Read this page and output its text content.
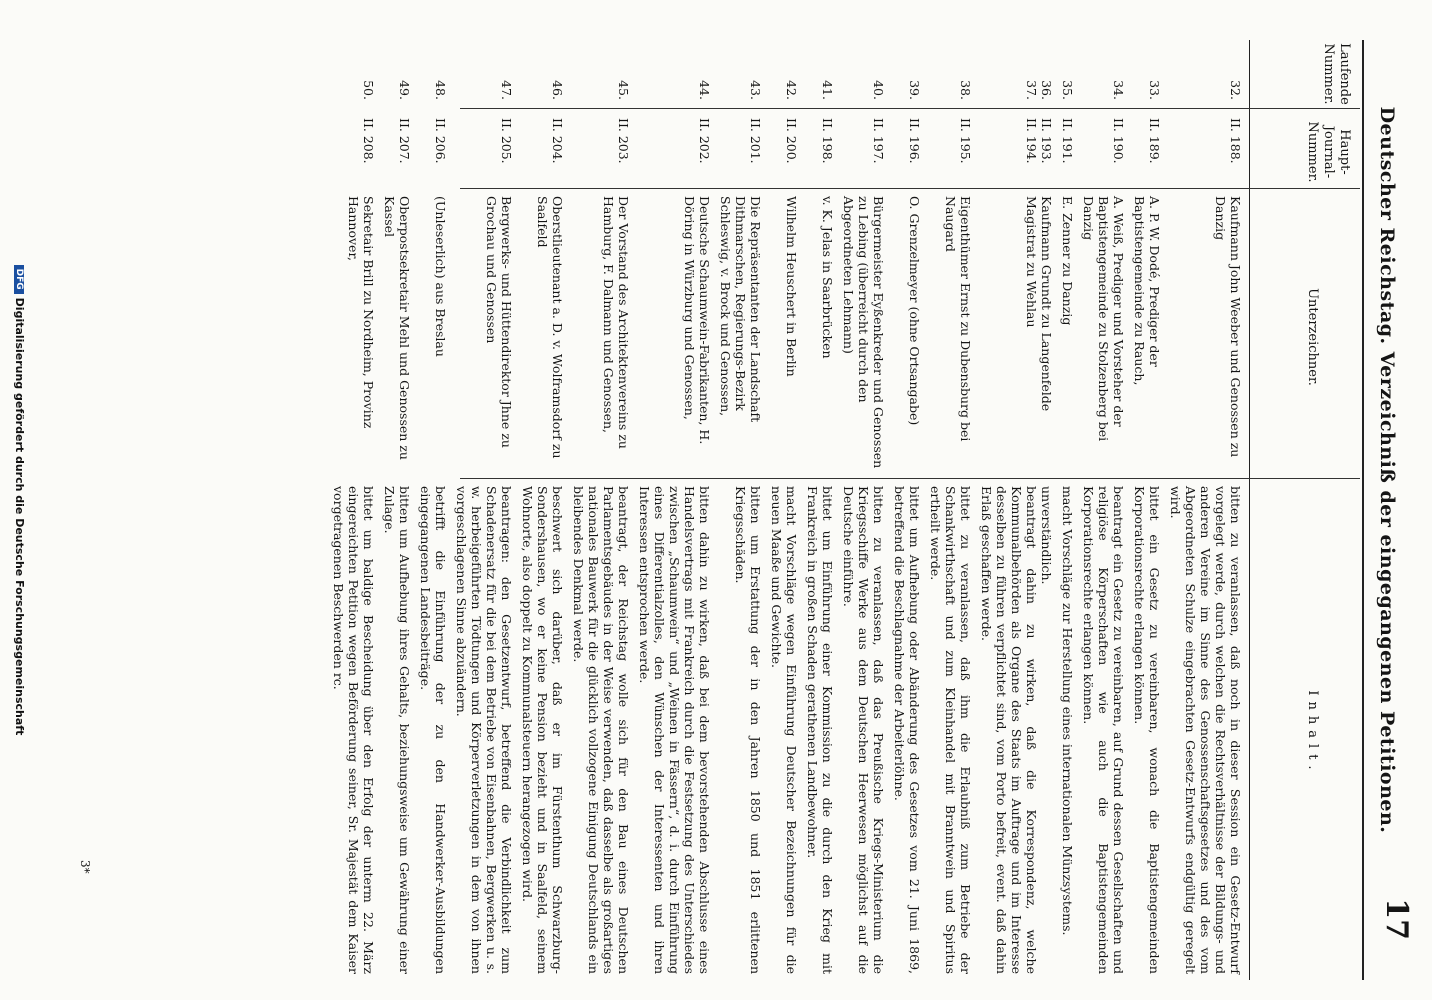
Deutscher Reichstag. Verzeichniß der eingegangenen Petitionen.
17
Laufende Nummer.
Haupt-Journal-Nummer.
Unterzeichner.
Inhalt.
32.
II. 188.
Kaufmann John Weeber und Genossen zu Danzig
bitten zu veranlassen, daß noch in dieser Session ein Gesetz-Entwurf vorgelegt werde, durch welchen die Rechtsverhältnisse der Bildungs- und anderen Vereine im Sinne des Genossenschaftsgesetzes und des vom Abgeordneten Schulze eingebrachten Gesetz-Entwurfs endgültig geregelt wird.
33.
II. 189.
A. P. W. Dodé, Prediger der Baptistengemeinde zu Rauch,
bittet ein Gesetz zu vereinbaren, wonach die Baptistengemeinden Korporationsrechte erlangen können.
34.
II. 190.
A. Weiß, Prediger und Vorsteher der Baptistengemeinde zu Stolzenberg bei Danzig
beantragt ein Gesetz zu vereinbaren, auf Grund dessen Gesellschaften und religiöse Körperschaften wie auch die Baptistengemeinden Korporationsrechte erlangen können.
35.
II. 191.
E. Zenner zu Danzig
macht Vorschläge zur Herstellung eines internationalen Münzsystems.
36.
37.
II. 193.
II. 194.
Kaufmann Grundt zu Langenfelde
Magistrat zu Wehlau
unverständlich.
beantragt dahin zu wirken, daß die Korrespondenz, welche Kommunalbehörden als Organe des Staats im Auftrage und im Interesse desselben zu führen verpflichtet sind, vom Porto befreit, event. daß dahin Erlaß geschaffen werde.
38.
II. 195.
Eigenthümer Ernst zu Dubensburg bei Naugard
bittet zu veranlassen, daß ihm die Erlaubniß zum Betriebe der Schankwirthschaft und zum Kleinhandel mit Branntwein und Spiritus ertheilt werde.
39.
II. 196.
O. Grenzelmeyer (ohne Ortsangabe)
bittet um Aufhebung oder Abänderung des Gesetzes vom 21. Juni 1869, betreffend die Beschlagnahme der Arbeiterlöhne.
40.
II. 197.
Bürgermeister Eyßenkreder und Genossen zu Lebing (überreicht durch den Abgeordneten Lehmann)
bitten zu veranlassen, daß das Preußische Kriegs-Ministerium die Kriegsschiffe Werke aus dem Deutschen Heerwesen möglichst auf die Deutsche einführe.
41.
II. 198.
v. K. Jelas in Saarbrücken
bittet um Einführung einer Kommission zu die durch den Krieg mit Frankreich in großen Schaden gerathenen Landbewohner.
42.
II. 200.
Wilhelm Heuschert in Berlin
macht Vorschläge wegen Einführung Deutscher Bezeichnungen für die neuen Maaße und Gewichte.
43.
II. 201.
Die Repräsentanten der Landschaft Dithmarschen, Regierungs-Bezirk Schleswig, v. Brock und Genossen,
bitten um Erstattung der in den Jahren 1850 und 1851 erlittenen Kriegsschäden.
44.
II. 202.
Deutsche Schaumwein-Fabrikanten, H. Döring in Würzburg und Genossen,
bitten dahin zu wirken, daß bei dem bevorstehenden Abschlusse eines Handelsvertrags mit Frankreich durch die Festsetzung des Unterschiedes zwischen „Schaumwein“ und „Weinen in Fässern“, d. i. durch Einführung eines Differentialzolles, den Wünschen der Interessenten und ihren Interessen entsprochen werde.
45.
II. 203.
Der Vorstand des Architektenvereins zu Hamburg, F. Dalmann und Genossen,
beantragt, der Reichstag wolle sich für den Bau eines Deutschen Parlamentsgebäudes in der Weise verwenden, daß dasselbe als großartiges nationales Bauwerk für die glücklich vollzogene Einigung Deutschlands ein bleibendes Denkmal werde.
46.
II. 204.
Oberstlieutenant a. D. v. Wolframsdorf zu Saalfeld
beschwert sich darüber, daß er im Fürstenthum Schwarzburg-Sondershausen, wo er keine Pension bezieht und in Saalfeld, seinem Wohnorte, also doppelt zu Kommunalsteuern herangezogen wird.
47.
II. 205.
Bergwerks- und Hüttendirektor Jhne zu Grochau und Genossen
beantragen: den Gesetzentwurf, betreffend die Verbindlichkeit zum Schadenersatz für die bei dem Betriebe von Eisenbahnen, Bergwerken u. s. w. herbeigeführten Tödtungen und Körperverletzungen in dem von ihnen vorgeschlagenen Sinne abzuändern.
48.
II. 206.
(Unleserlich) aus Breslau
betrifft die Einführung der zu den Handwerker-Ausbildungen eingegangenen Landesbeiträge.
49.
II. 207.
Oberpostsekretair Mehl und Genossen zu Kassel
bitten um Aufhebung ihres Gehalts, beziehungsweise um Gewährung einer Zulage.
50.
II. 208.
Sekretair Brill zu Nordheim, Provinz Hannover,
bittet um baldige Bescheidung über den Erfolg der unterm 22. März eingereichten Petition wegen Beförderung seiner, Sr. Majestät dem Kaiser vorgetragenen Beschwerden rc.
3*
DFGDigitalisierung gefördert durch die Deutsche Forschungsgemeinschaft
